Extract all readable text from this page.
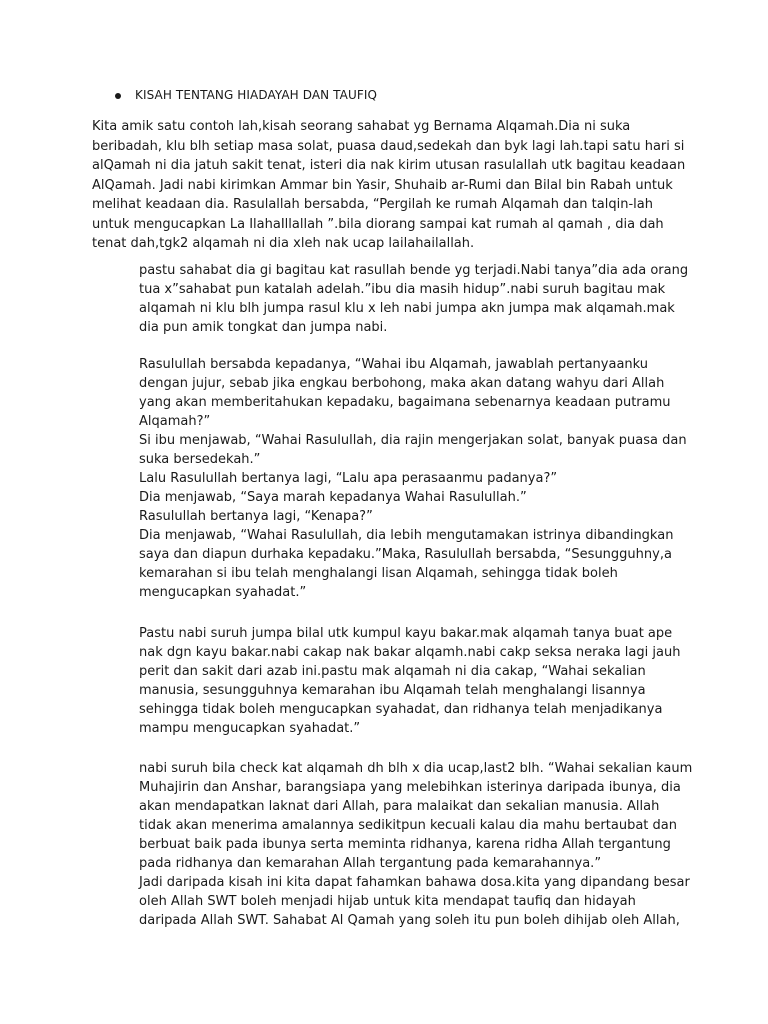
KISAH TENTANG HIADAYAH DAN TAUFIQ

Kita amik satu contoh lah,kisah seorang sahabat yg Bernama Alqamah.Dia ni suka beribadah, klu blh setiap masa solat, puasa daud,sedekah dan byk lagi lah.tapi satu hari si alQamah ni dia jatuh sakit tenat, isteri dia nak kirim utusan rasulallah utk bagitau keadaan AlQamah. Jadi nabi kirimkan Ammar bin Yasir, Shuhaib ar-Rumi dan Bilal bin Rabah untuk melihat keadaan dia. Rasulallah bersabda, “Pergilah ke rumah Alqamah dan talqin-lah untuk mengucapkan La IlahaIllallah ”.bila diorang sampai kat rumah al qamah , dia dah tenat dah,tgk2 alqamah ni dia xleh nak ucap lailahailallah.

pastu sahabat dia gi bagitau kat rasullah bende yg terjadi.Nabi tanya”dia ada orang tua x”sahabat pun katalah adelah.”ibu dia masih hidup”.nabi suruh bagitau mak alqamah ni klu blh jumpa rasul klu x leh nabi jumpa akn jumpa mak alqamah.mak dia pun amik tongkat dan jumpa nabi.

Rasulullah bersabda kepadanya, “Wahai ibu Alqamah, jawablah pertanyaanku dengan jujur, sebab jika engkau berbohong, maka akan datang wahyu dari Allah yang akan memberitahukan kepadaku, bagaimana sebenarnya keadaan putramu Alqamah?”
Si ibu menjawab, “Wahai Rasulullah, dia rajin mengerjakan solat, banyak puasa dan suka bersedekah.”
Lalu Rasulullah bertanya lagi, “Lalu apa perasaanmu padanya?”
Dia menjawab, “Saya marah kepadanya Wahai Rasulullah.”
Rasulullah bertanya lagi, “Kenapa?”
Dia menjawab, “Wahai Rasulullah, dia lebih mengutamakan istrinya dibandingkan saya dan diapun durhaka kepadaku.”Maka, Rasulullah bersabda, “Sesungguhny,a kemarahan si ibu telah menghalangi lisan Alqamah, sehingga tidak boleh mengucapkan syahadat.”

Pastu nabi suruh jumpa bilal utk kumpul kayu bakar.mak alqamah tanya buat ape nak dgn kayu bakar.nabi cakap nak bakar alqamh.nabi cakp seksa neraka lagi jauh perit dan sakit dari azab ini.pastu mak alqamah ni dia cakap, “Wahai sekalian manusia, sesungguhnya kemarahan ibu Alqamah telah menghalangi lisannya sehingga tidak boleh mengucapkan syahadat, dan ridhanya telah menjadikanya mampu mengucapkan syahadat.”

nabi suruh bila check kat alqamah dh blh x dia ucap,last2 blh. “Wahai sekalian kaum Muhajirin dan Anshar, barangsiapa yang melebihkan isterinya daripada ibunya, dia akan mendapatkan laknat dari Allah, para malaikat dan sekalian manusia. Allah tidak akan menerima amalannya sedikitpun kecuali kalau dia mahu bertaubat dan berbuat baik pada ibunya serta meminta ridhanya, karena ridha Allah tergantung pada ridhanya dan kemarahan Allah tergantung pada kemarahannya.”
Jadi daripada kisah ini kita dapat fahamkan bahawa dosa.kita yang dipandang besar oleh Allah SWT boleh menjadi hijab untuk kita mendapat taufiq dan hidayah daripada Allah SWT. Sahabat Al Qamah yang soleh itu pun boleh dihijab oleh Allah,
